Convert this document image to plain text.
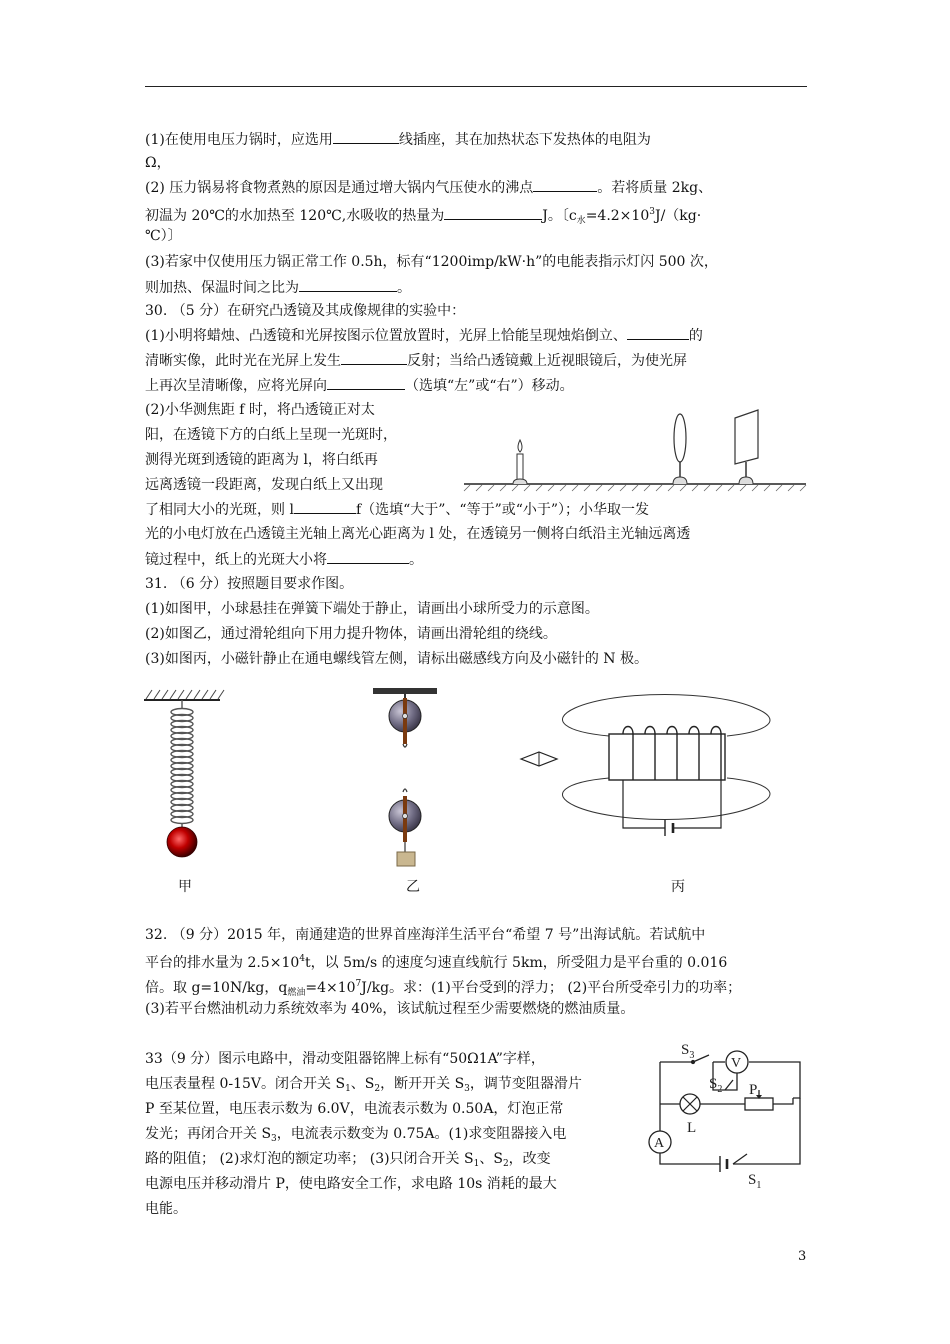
(1)在使用电压力锅时，应选用	线插座，其在加热状态下发热体的电阻为
Ω，
(2) 压力锅易将食物煮熟的原因是通过增大锅内气压使水的沸点	。若将质量 2kg、
初温为 20℃的水加热至 120℃,水吸收的热量为	J。〔$c_水=4.2\times 10^3J/(kg\cdot$
℃）〕
(3)若家中仅使用压力锅正常工作 0.5h，标有“1200imp/kW·h”的电能表指示灯闪 500 次，
则加热、保温时间之比为	。
30. （5 分）在研究凸透镜及其成像规律的实验中：
(1)小明将蜡烛、凸透镜和光屏按图示位置放置时，光屏上恰能呈现烛焰倒立、	的
清晰实像，此时光在光屏上发生	反射；当给凸透镜戴上近视眼镜后，为使光屏
上再次呈清晰像，应将光屏向	（选填“左”或“右”）移动。
(2)小华测焦距 f 时，将凸透镜正对太
阳，在透镜下方的白纸上呈现一光斑时，
测得光斑到透镜的距离为 l，将白纸再
远离透镜一段距离，发现白纸上又出现
了相同大小的光斑，则 l	f（选填“大于”、“等于”或“小于”）；小华取一发
光的小电灯放在凸透镜主光轴上离光心距离为 l 处，在透镜另一侧将白纸沿主光轴远离透
镜过程中，纸上的光斑大小将	。
31. （6 分）按照题目要求作图。
(1)如图甲，小球悬挂在弹簧下端处于静止，请画出小球所受力的示意图。
(2)如图乙，通过滑轮组向下用力提升物体，请画出滑轮组的绕线。
(3)如图丙，小磁针静止在通电螺线管左侧，请标出磁感线方向及小磁针的 N 极。
甲	乙	丙
32. （9 分）2015 年，南通建造的世界首座海洋生活平台“希望 7 号”出海试航。若试航中
平台的排水量为 $2.5\times 10^4t$，以 5m/s 的速度匀速直线航行 5km，所受阻力是平台重的 0.016
倍。取 g=10N/kg，$q_{燃油}=4\times 10^7J/kg$。求：(1)平台受到的浮力； (2)平台所受牵引力的功率；
(3)若平台燃油机动力系统效率为 40%，该试航过程至少需要燃烧的燃油质量。
33（9 分）图示电路中，滑动变阻器铭牌上标有“50Ω1A”字样，
电压表量程 0-15V。闭合开关 $S_1$、$S_2$，断开开关 $S_3$，调节变阻器滑片
P 至某位置，电压表示数为 6.0V，电流表示数为 0.50A，灯泡正常
发光；再闭合开关 $S_3$，电流表示数变为 0.75A。(1)求变阻器接入电
路的阻值； (2)求灯泡的额定功率； (3)只闭合开关 $S_1$、$S_2$，改变
电源电压并移动滑片 P，使电路安全工作，求电路 10s 消耗的最大
电能。
$S_3$
V
$S_2$ P
L
A
$S_1$
3
